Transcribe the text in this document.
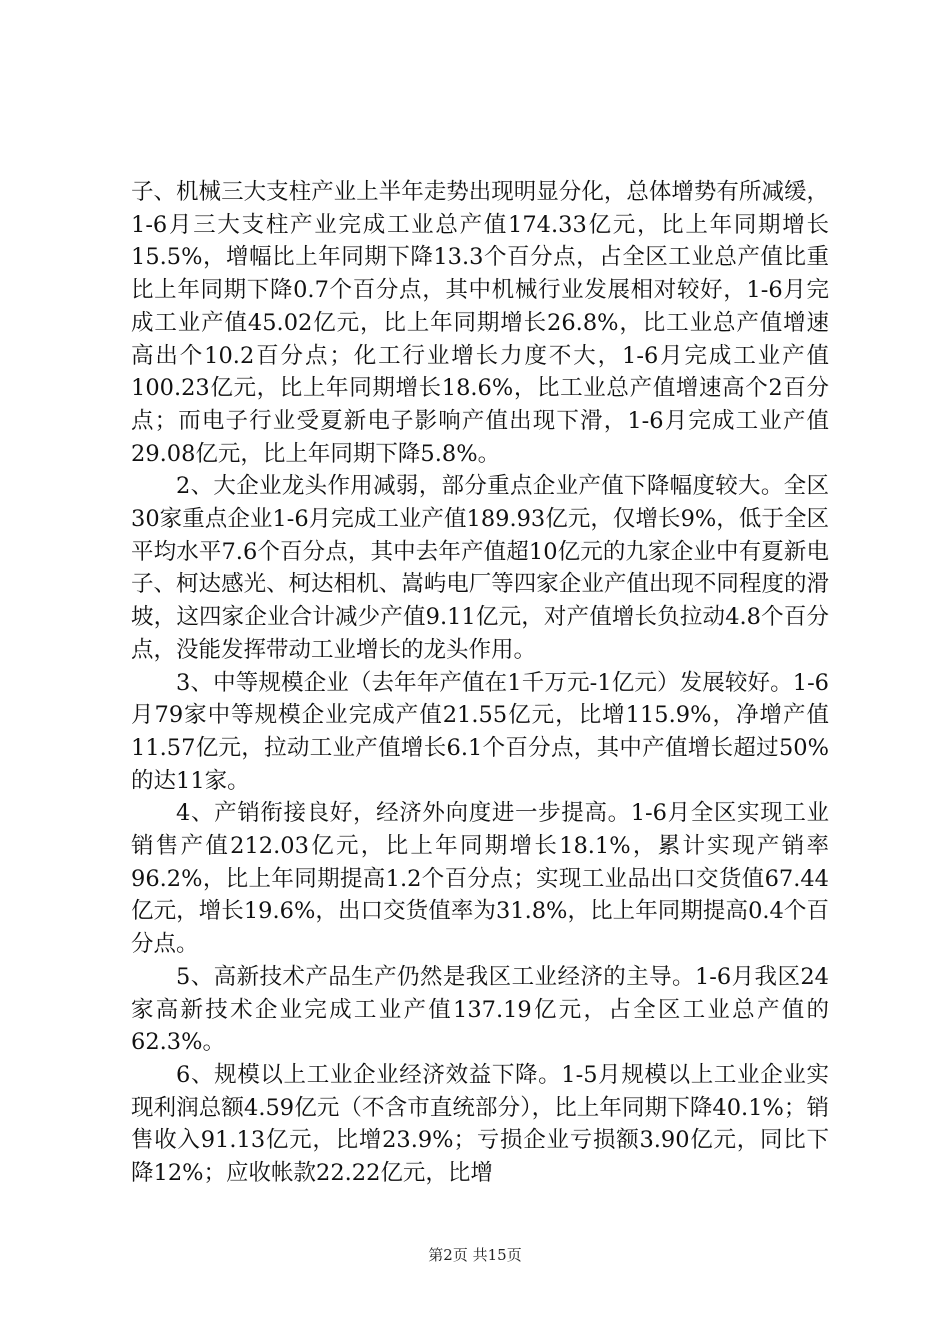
子、机械三大支柱产业上半年走势出现明显分化，总体增势有所减缓，1-6月三大支柱产业完成工业总产值174.33亿元，比上年同期增长15.5%，增幅比上年同期下降13.3个百分点，占全区工业总产值比重比上年同期下降0.7个百分点，其中机械行业发展相对较好，1-6月完成工业产值45.02亿元，比上年同期增长26.8%，比工业总产值增速高出个10.2百分点；化工行业增长力度不大，1-6月完成工业产值100.23亿元，比上年同期增长18.6%，比工业总产值增速高个2百分点；而电子行业受夏新电子影响产值出现下滑，1-6月完成工业产值29.08亿元，比上年同期下降5.8%。

2、大企业龙头作用减弱，部分重点企业产值下降幅度较大。全区30家重点企业1-6月完成工业产值189.93亿元，仅增长9%，低于全区平均水平7.6个百分点，其中去年产值超10亿元的九家企业中有夏新电子、柯达感光、柯达相机、嵩屿电厂等四家企业产值出现不同程度的滑坡，这四家企业合计减少产值9.11亿元，对产值增长负拉动4.8个百分点，没能发挥带动工业增长的龙头作用。

3、中等规模企业（去年年产值在1千万元-1亿元）发展较好。1-6月79家中等规模企业完成产值21.55亿元，比增115.9%，净增产值11.57亿元，拉动工业产值增长6.1个百分点，其中产值增长超过50%的达11家。

4、产销衔接良好，经济外向度进一步提高。1-6月全区实现工业销售产值212.03亿元，比上年同期增长18.1%，累计实现产销率96.2%，比上年同期提高1.2个百分点；实现工业品出口交货值67.44亿元，增长19.6%，出口交货值率为31.8%，比上年同期提高0.4个百分点。

5、高新技术产品生产仍然是我区工业经济的主导。1-6月我区24家高新技术企业完成工业产值137.19亿元，占全区工业总产值的62.3%。

6、规模以上工业企业经济效益下降。1-5月规模以上工业企业实现利润总额4.59亿元（不含市直统部分），比上年同期下降40.1%；销售收入91.13亿元，比增23.9%；亏损企业亏损额3.90亿元，同比下降12%；应收帐款22.22亿元，比增

第2页 共15页
